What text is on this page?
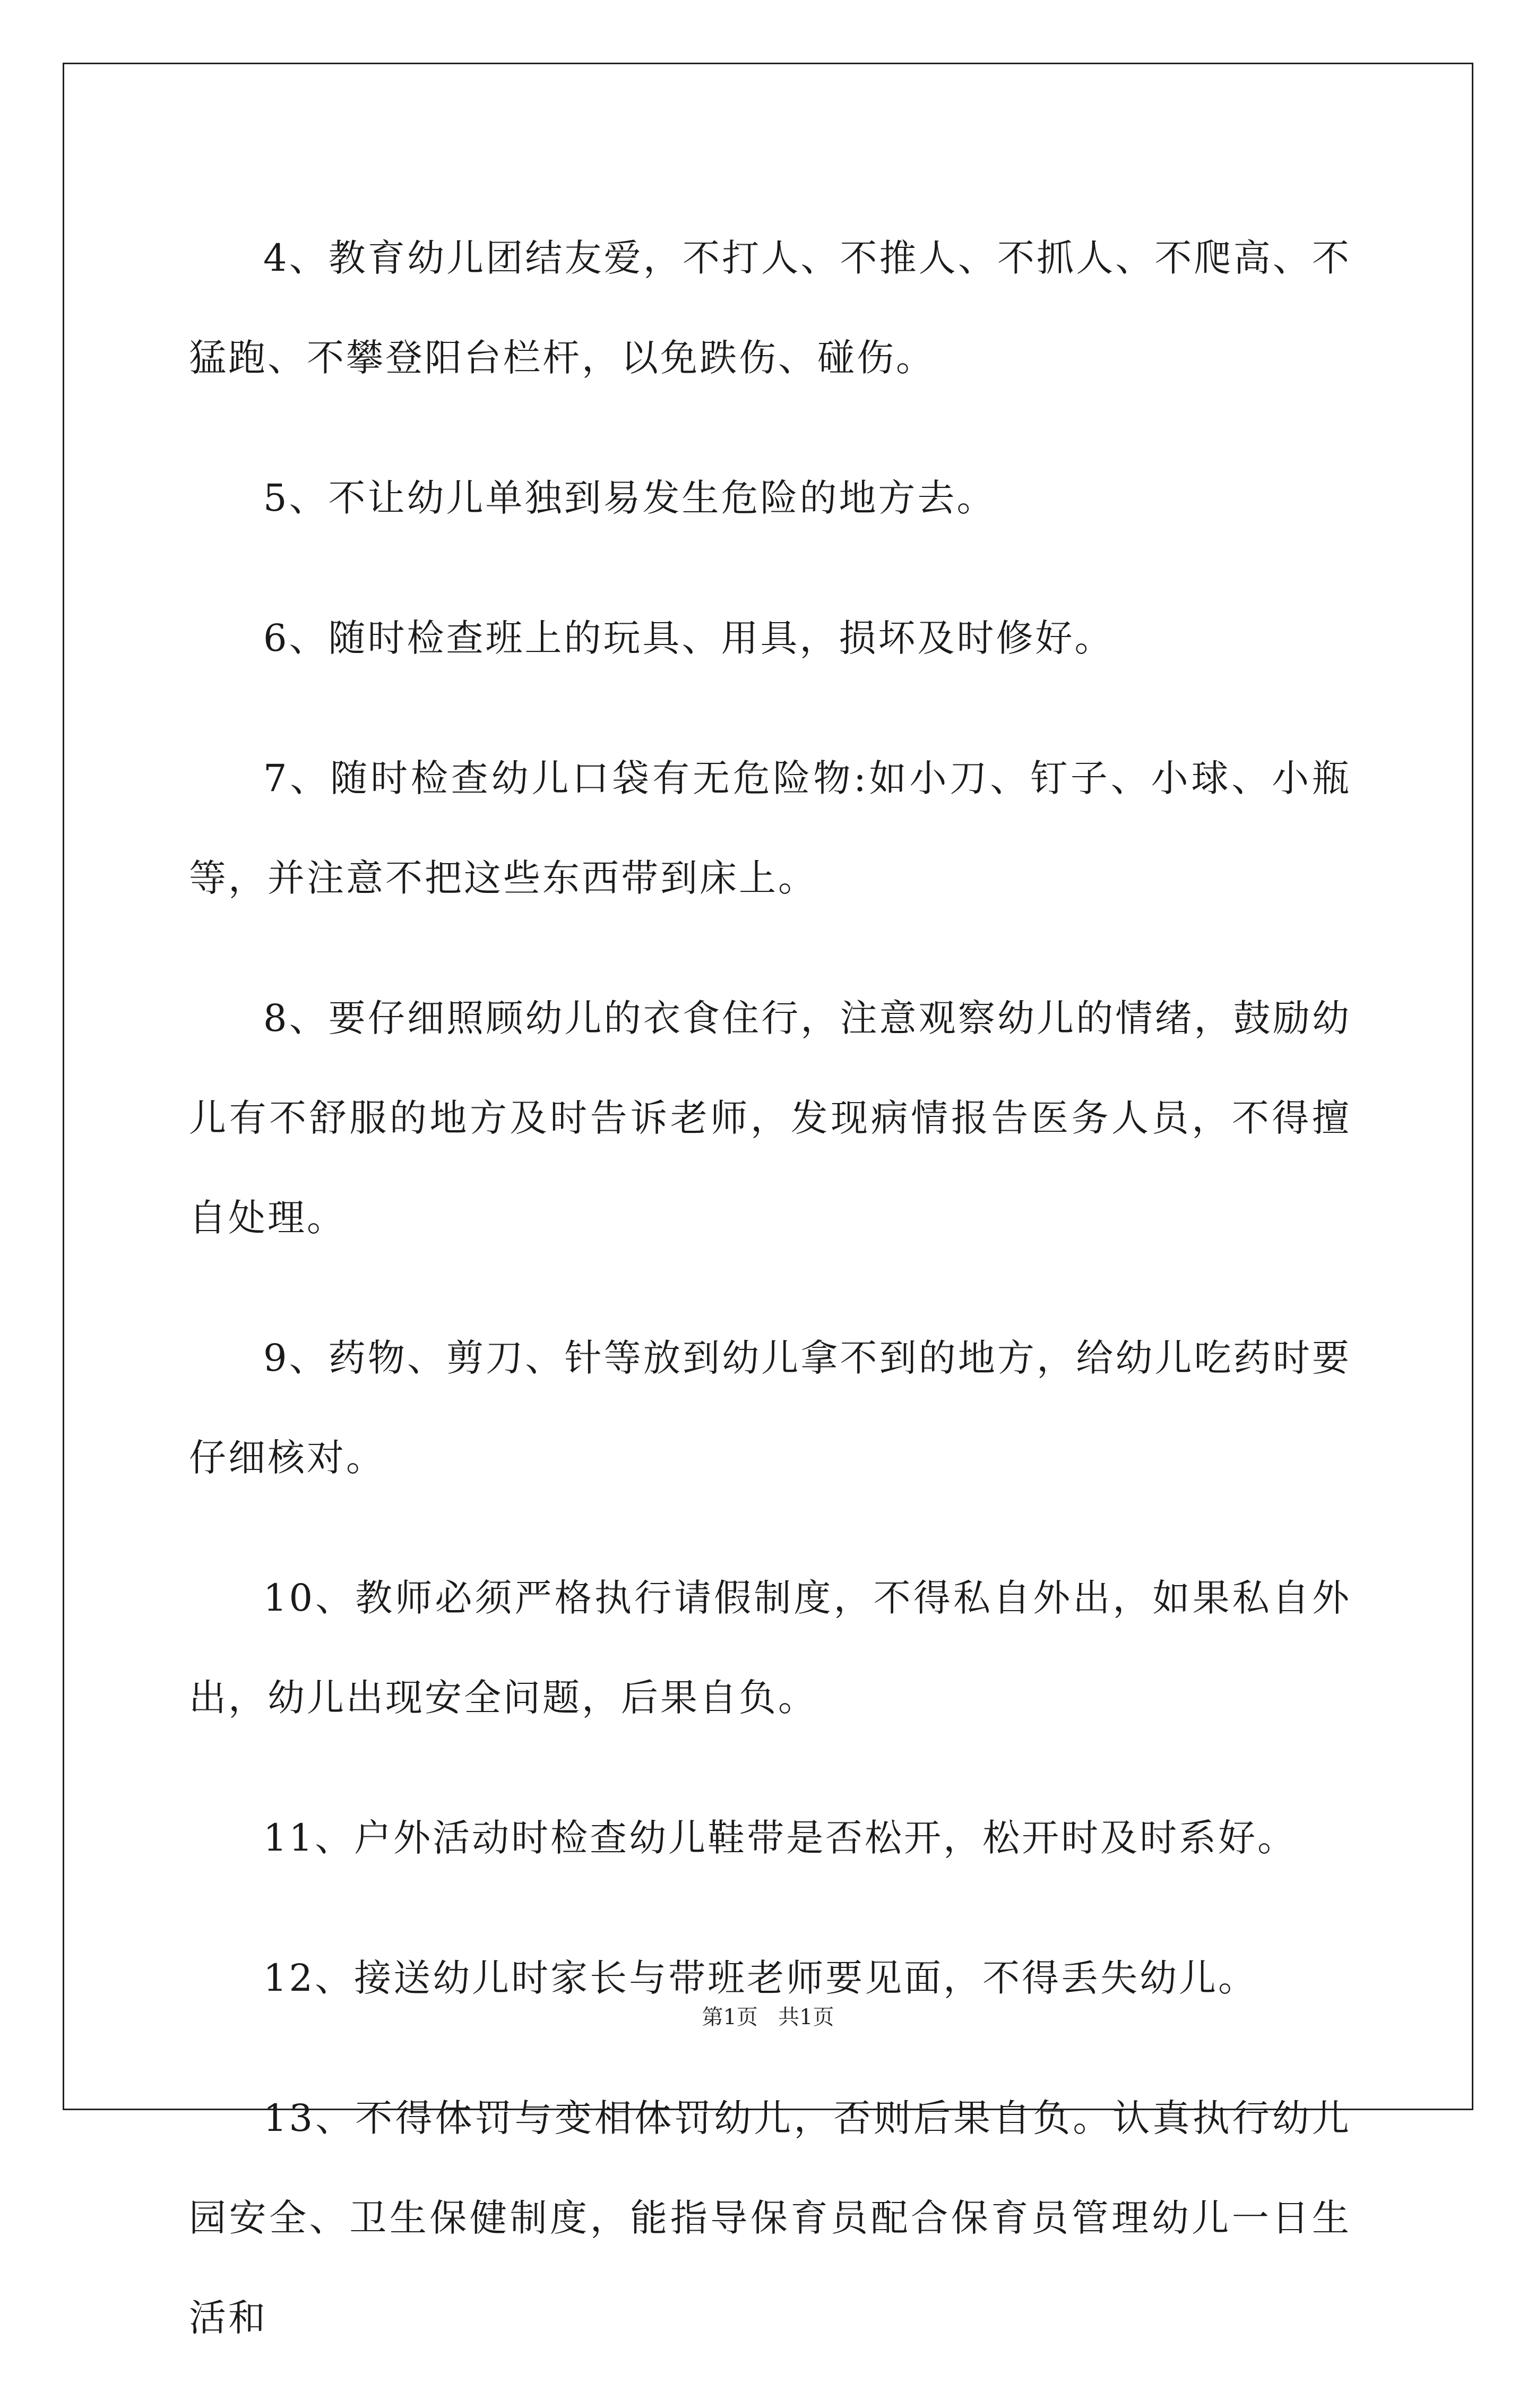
4、教育幼儿团结友爱，不打人、不推人、不抓人、不爬高、不猛跑、不攀登阳台栏杆，以免跌伤、碰伤。

5、不让幼儿单独到易发生危险的地方去。

6、随时检查班上的玩具、用具，损坏及时修好。

7、随时检查幼儿口袋有无危险物:如小刀、钉子、小球、小瓶等，并注意不把这些东西带到床上。

8、要仔细照顾幼儿的衣食住行，注意观察幼儿的情绪，鼓励幼儿有不舒服的地方及时告诉老师，发现病情报告医务人员，不得擅自处理。

9、药物、剪刀、针等放到幼儿拿不到的地方，给幼儿吃药时要仔细核对。

10、教师必须严格执行请假制度，不得私自外出，如果私自外出，幼儿出现安全问题，后果自负。

11、户外活动时检查幼儿鞋带是否松开，松开时及时系好。

12、接送幼儿时家长与带班老师要见面，不得丢失幼儿。

13、不得体罚与变相体罚幼儿，否则后果自负。认真执行幼儿园安全、卫生保健制度，能指导保育员配合保育员管理幼儿一日生活和

第1页   共1页
